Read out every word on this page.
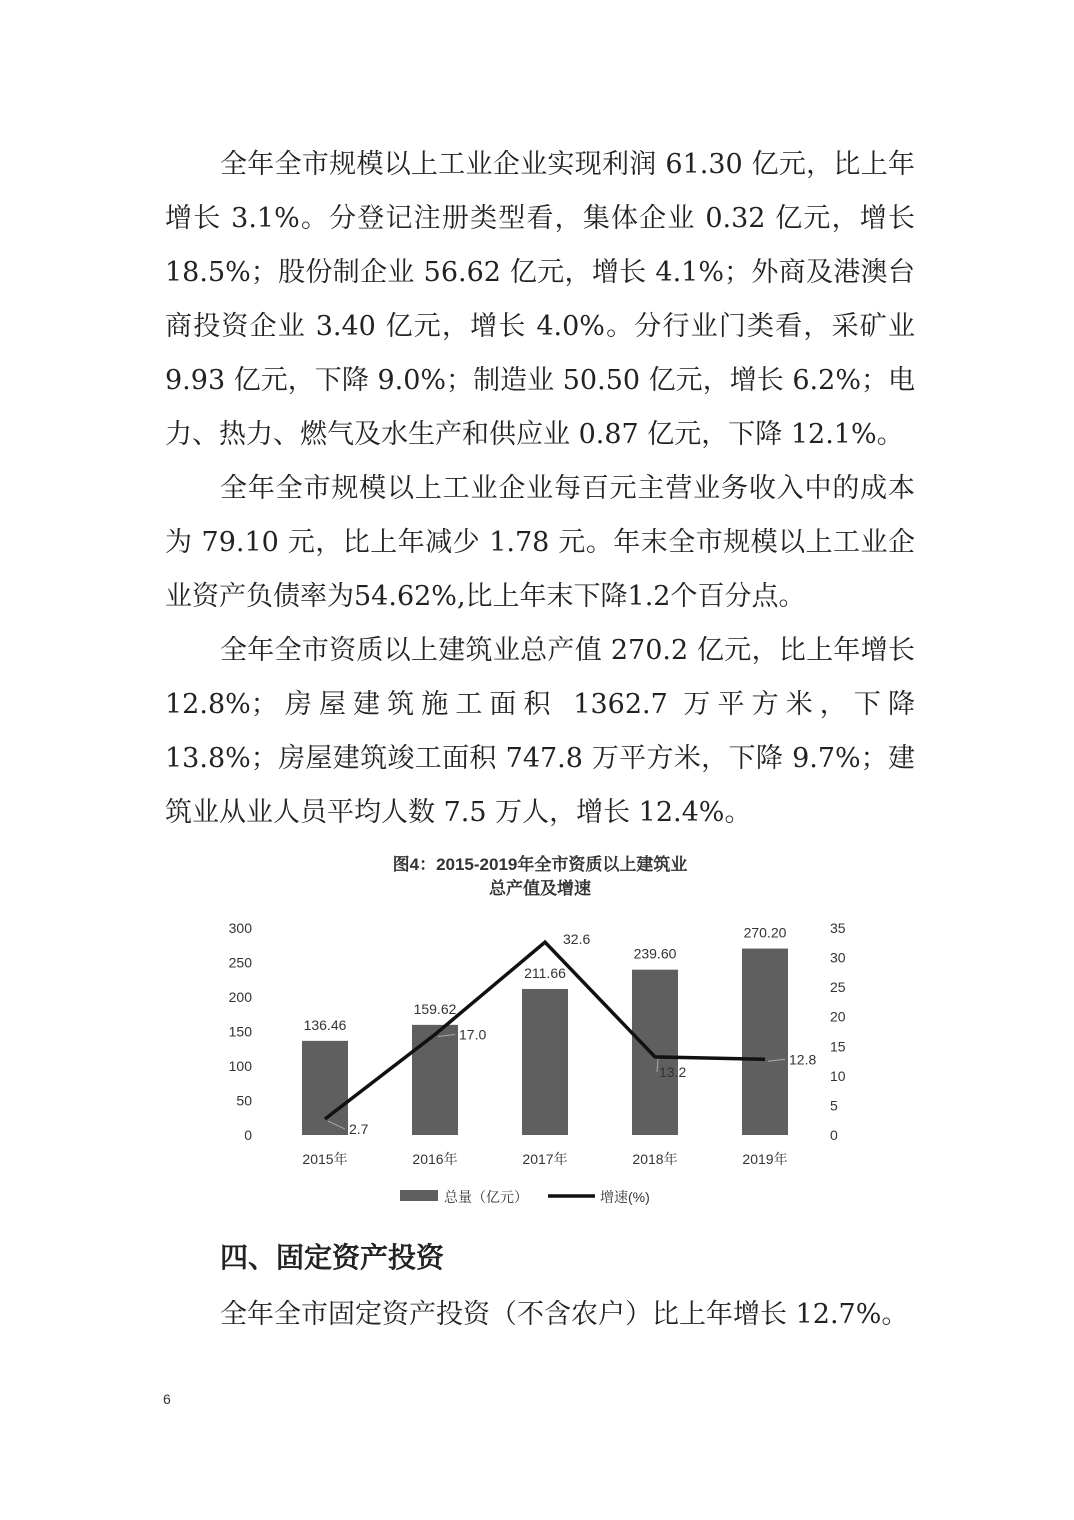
全年全市规模以上工业企业实现利润 61.30 亿元，比上年增长 3.1%。分登记注册类型看，集体企业 0.32 亿元，增长 18.5%；股份制企业 56.62 亿元，增长 4.1%；外商及港澳台商投资企业 3.40 亿元，增长 4.0%。分行业门类看，采矿业 9.93 亿元，下降 9.0%；制造业 50.50 亿元，增长 6.2%；电力、热力、燃气及水生产和供应业 0.87 亿元，下降 12.1%。

全年全市规模以上工业企业每百元主营业务收入中的成本为 79.10 元，比上年减少 1.78 元。年末全市规模以上工业企业资产负债率为54.62%,比上年末下降1.2个百分点。

全年全市资质以上建筑业总产值 270.2 亿元，比上年增长 12.8%；房屋建筑施工面积 1362.7 万平方米，下降 13.8%；房屋建筑竣工面积 747.8 万平方米，下降 9.7%；建筑业从业人员平均人数 7.5 万人，增长 12.4%。

图4：2015-2019年全市资质以上建筑业
总产值及增速
0
50
100
150
200
250
300
0
5
10
15
20
25
30
35
136.46
159.62
211.66
239.60
270.20
2015年	2016年	2017年	2018年	2019年
2.7
17.0
32.6
13.2
12.8
总量（亿元）	增速(%)
四、固定资产投资

全年全市固定资产投资（不含农户）比上年增长 12.7%。

6
